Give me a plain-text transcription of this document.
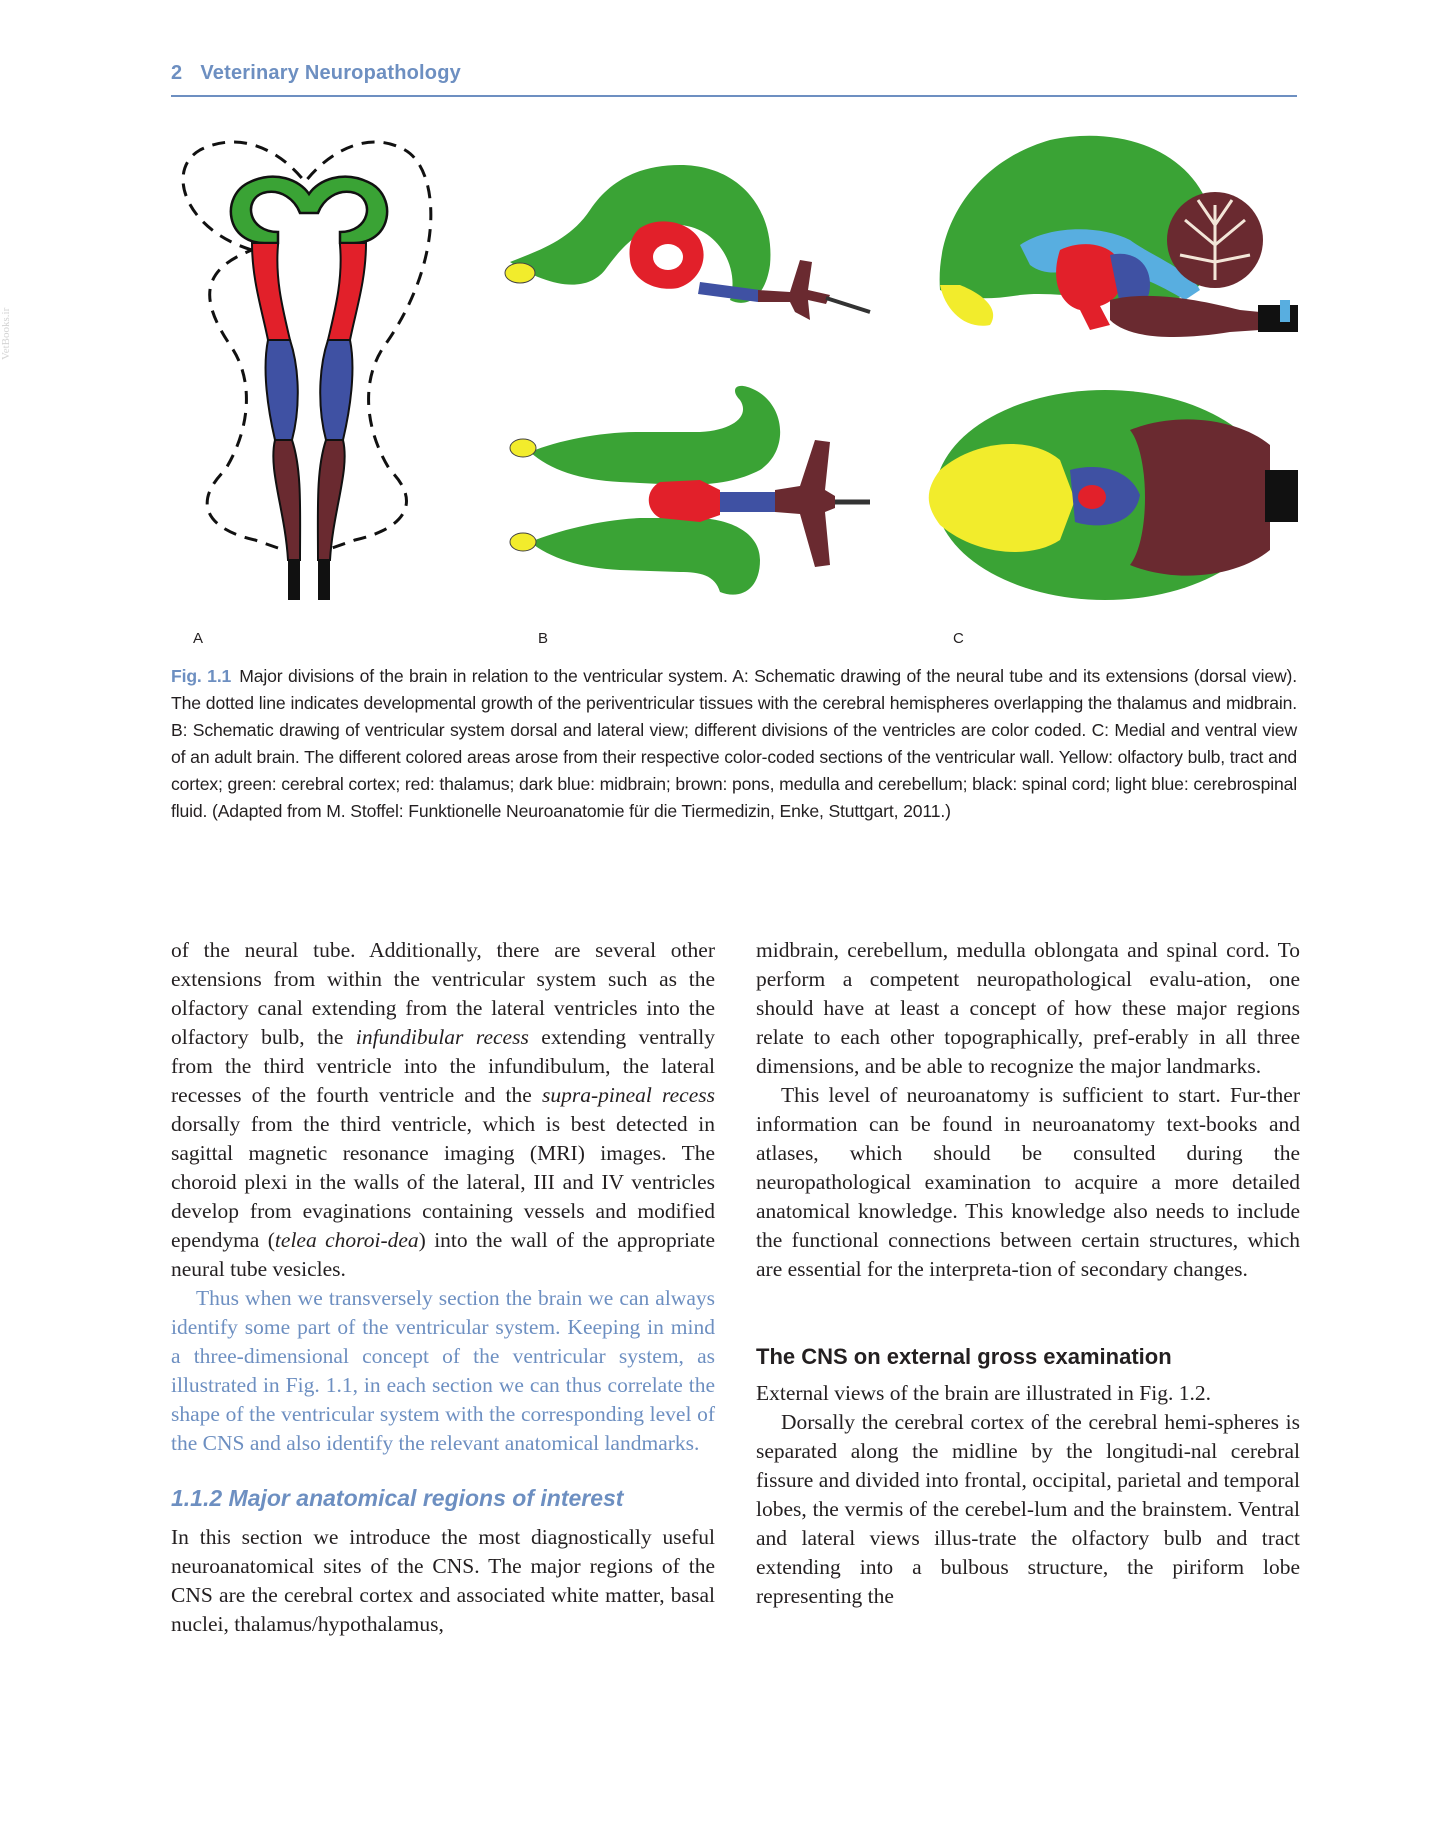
2 Veterinary Neuropathology
VetBooks.ir
A	B	C
Fig. 1.1 Major divisions of the brain in relation to the ventricular system. A: Schematic drawing of the neural tube and its extensions (dorsal view). The dotted line indicates developmental growth of the periventricular tissues with the cerebral hemispheres overlapping the thalamus and midbrain. B: Schematic drawing of ventricular system dorsal and lateral view; different divisions of the ventricles are color coded. C: Medial and ventral view of an adult brain. The different colored areas arose from their respective color-coded sections of the ventricular wall. Yellow: olfactory bulb, tract and cortex; green: cerebral cortex; red: thalamus; dark blue: midbrain; brown: pons, medulla and cerebellum; black: spinal cord; light blue: cerebrospinal fluid. (Adapted from M. Stoffel: Funktionelle Neuroanatomie für die Tiermedizin, Enke, Stuttgart, 2011.)

of the neural tube. Additionally, there are several other extensions from within the ventricular system such as the olfactory canal extending from the lateral ventricles into the olfactory bulb, the infundibular recess extending ventrally from the third ventricle into the infundibulum, the lateral recesses of the fourth ventricle and the supra-pineal recess dorsally from the third ventricle, which is best detected in sagittal magnetic resonance imaging (MRI) images. The choroid plexi in the walls of the lateral, III and IV ventricles develop from evaginations containing vessels and modified ependyma (telea choroi-dea) into the wall of the appropriate neural tube vesicles.

Thus when we transversely section the brain we can always identify some part of the ventricular system. Keeping in mind a three-dimensional concept of the ventricular system, as illustrated in Fig. 1.1, in each section we can thus correlate the shape of the ventricular system with the corresponding level of the CNS and also identify the relevant anatomical landmarks.

1.1.2 Major anatomical regions of interest

In this section we introduce the most diagnostically useful neuroanatomical sites of the CNS. The major regions of the CNS are the cerebral cortex and associated white matter, basal nuclei, thalamus/hypothalamus,

midbrain, cerebellum, medulla oblongata and spinal cord. To perform a competent neuropathological evalu-ation, one should have at least a concept of how these major regions relate to each other topographically, pref-erably in all three dimensions, and be able to recognize the major landmarks.

This level of neuroanatomy is sufficient to start. Fur-ther information can be found in neuroanatomy text-books and atlases, which should be consulted during the neuropathological examination to acquire a more detailed anatomical knowledge. This knowledge also needs to include the functional connections between certain structures, which are essential for the interpreta-tion of secondary changes.

The CNS on external gross examination

External views of the brain are illustrated in Fig. 1.2.

Dorsally the cerebral cortex of the cerebral hemi-spheres is separated along the midline by the longitudi-nal cerebral fissure and divided into frontal, occipital, parietal and temporal lobes, the vermis of the cerebel-lum and the brainstem. Ventral and lateral views illus-trate the olfactory bulb and tract extending into a bulbous structure, the piriform lobe representing the
